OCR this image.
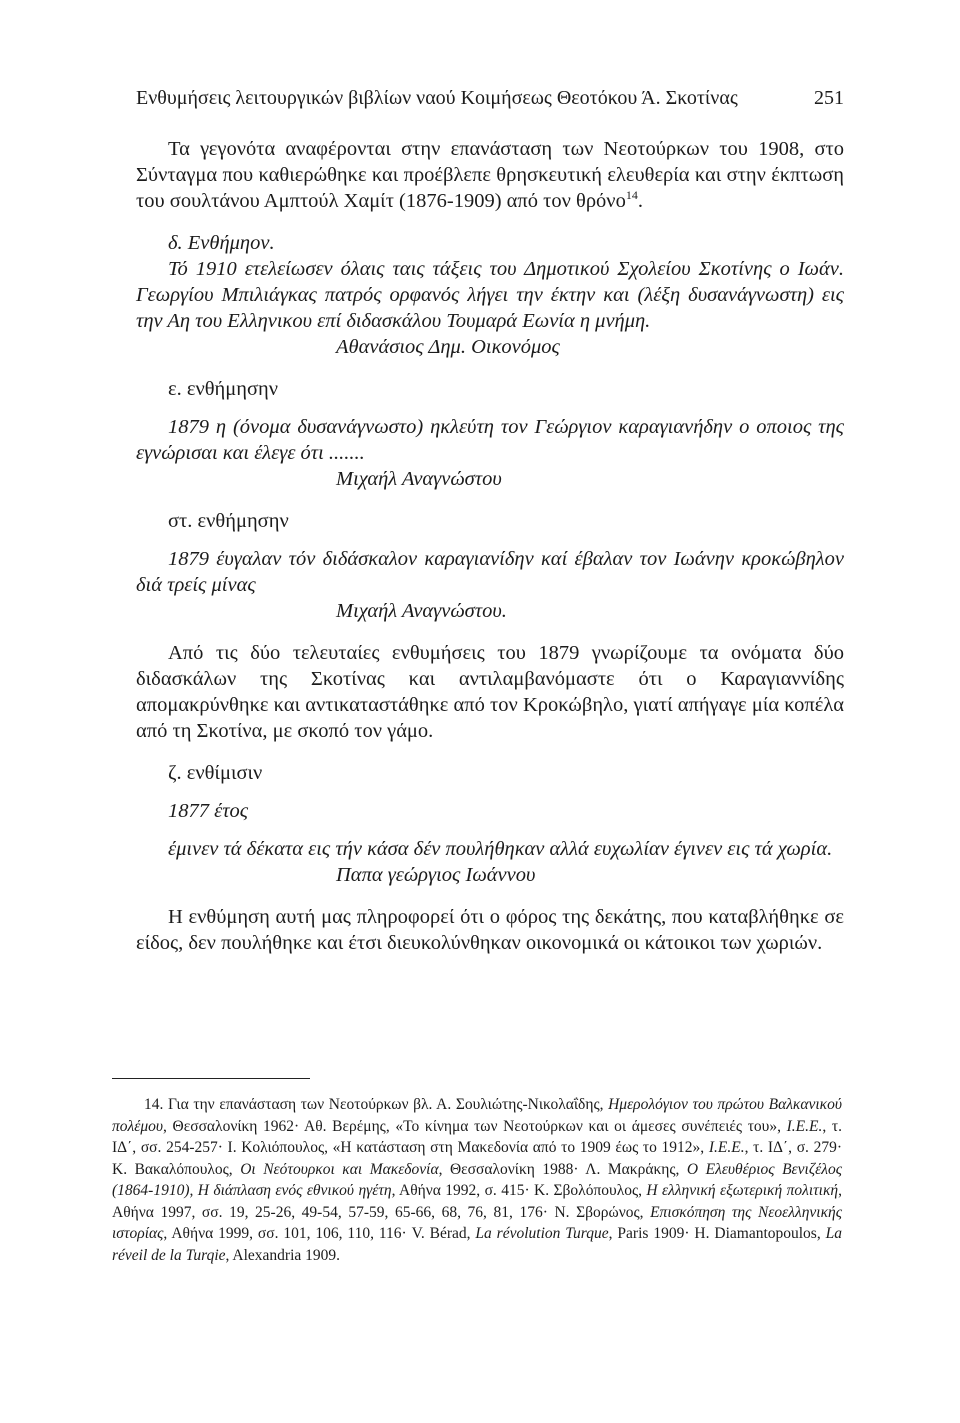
Ενθυμήσεις λειτουργικών βιβλίων ναού Κοιμήσεως Θεοτόκου Ά. Σκοτίνας	251

Τα γεγονότα αναφέρονται στην επανάσταση των Νεοτούρκων του 1908, στο Σύνταγμα που καθιερώθηκε και προέβλεπε θρησκευτική ελευθερία και στην έκπτωση του σουλτάνου Αμπτούλ Χαμίτ (1876-1909) από τον θρόνο$^{14}$.

δ. Ενθήμηον.

Τό 1910 ετελείωσεν όλαις ταις τάξεις του Δημοτικού Σχολείου Σκοτίνης ο Ιωάν. Γεωργίου Μπιλιάγκας πατρός ορφανός λήγει την έκτην και (λέξη δυσανάγνωστη) εις την Αη του Ελληνικου επί διδασκάλου Τουμαρά Εωνία η μνήμη.

Αθανάσιος Δημ. Οικονόμος

ε. ενθήμησην

1879 η (όνομα δυσανάγνωστο) ηκλεύτη τον Γεώργιον καραγιανήδην ο οποιος της εγνώρισαι και έλεγε ότι .......

Μιχαήλ Αναγνώστου

στ. ενθήμησην

1879 έυγαλαν τόν διδάσκαλον καραγιανίδην καί έβαλαν τον Ιωάνην κροκώβηλον διά τρείς μίνας

Μιχαήλ Αναγνώστου.

Από τις δύο τελευταίες ενθυμήσεις του 1879 γνωρίζουμε τα ονόματα δύο διδασκάλων της Σκοτίνας και αντιλαμβανόμαστε ότι ο Καραγιαννίδης απομακρύνθηκε και αντικαταστάθηκε από τον Κροκώβηλο, γιατί απήγαγε μία κοπέλα από τη Σκοτίνα, με σκοπό τον γάμο.

ζ. ενθίμισιν

1877 έτος

έμινεν τά δέκατα εις τήν κάσα δέν πουλήθηκαν αλλά ευχωλίαν έγινεν εις τά χωρία.

Παπα γεώργιος Ιωάννου

Η ενθύμηση αυτή μας πληροφορεί ότι ο φόρος της δεκάτης, που καταβλήθηκε σε είδος, δεν πουλήθηκε και έτσι διευκολύνθηκαν οικονομικά οι κάτοικοι των χωριών.

14. Για την επανάσταση των Νεοτούρκων βλ. Α. Σουλιώτης-Νικολαΐδης, Ημερολόγιον του πρώτου Βαλκανικού πολέμου, Θεσσαλονίκη 1962· Αθ. Βερέμης, «Το κίνημα των Νεοτούρκων και οι άμεσες συνέπειές του», Ι.Ε.Ε., τ. ΙΔ΄, σσ. 254-257· Ι. Κολιόπουλος, «Η κατάσταση στη Μακεδονία από το 1909 έως το 1912», Ι.Ε.Ε., τ. ΙΔ΄, σ. 279· Κ. Βακαλόπουλος, Οι Νεότουρκοι και Μακεδονία, Θεσσαλονίκη 1988· Λ. Μακράκης, Ο Ελευθέριος Βενιζέλος (1864-1910), Η διάπλαση ενός εθνικού ηγέτη, Αθήνα 1992, σ. 415· Κ. Σβολόπουλος, Η ελληνική εξωτερική πολιτική, Αθήνα 1997, σσ. 19, 25-26, 49-54, 57-59, 65-66, 68, 76, 81, 176· Ν. Σβορώνος, Επισκόπηση της Νεοελληνικής ιστορίας, Αθήνα 1999, σσ. 101, 106, 110, 116· V. Bérad, La révolution Turque, Paris 1909· H. Diamantopoulos, La réveil de la Turqie, Alexandria 1909.
